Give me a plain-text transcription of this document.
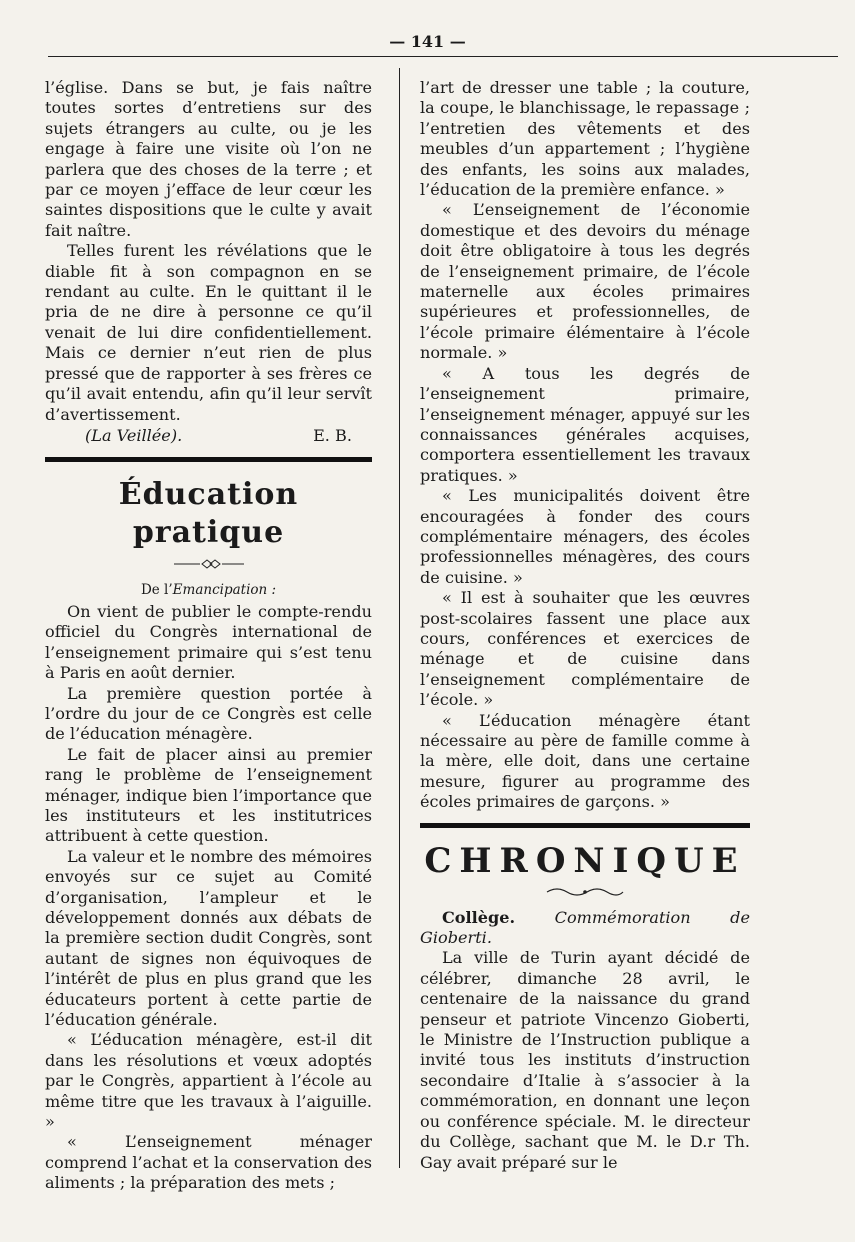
— 141 —

l’église. Dans se but, je fais naître toutes sortes d’entretiens sur des sujets étrangers au culte, ou je les engage à faire une visite où l’on ne parlera que des choses de la terre ; et par ce moyen j’efface de leur cœur les saintes dispositions que le culte y avait fait naître.

Telles furent les révélations que le diable fit à son compagnon en se rendant au culte. En le quittant il le pria de ne dire à personne ce qu’il venait de lui dire confidentiellement. Mais ce dernier n’eut rien de plus pressé que de rapporter à ses frères ce qu’il avait entendu, afin qu’il leur servît d’avertissement.

(La Veillée).	E. B.
Éducation pratique
De l’Emancipation :

On vient de publier le compte-rendu officiel du Congrès international de l’enseignement primaire qui s’est tenu à Paris en août dernier.

La première question portée à l’ordre du jour de ce Congrès est celle de l’éducation ménagère.

Le fait de placer ainsi au premier rang le problème de l’enseignement ménager, indique bien l’importance que les instituteurs et les institutrices attribuent à cette question.

La valeur et le nombre des mémoires envoyés sur ce sujet au Comité d’organisation, l’ampleur et le développement donnés aux débats de la première section dudit Congrès, sont autant de signes non équivoques de l’intérêt de plus en plus grand que les éducateurs portent à cette partie de l’éducation générale.

« L’éducation ménagère, est-il dit dans les résolutions et vœux adoptés par le Congrès, appartient à l’école au même titre que les travaux à l’aiguille. »

« L’enseignement ménager comprend l’achat et la conservation des aliments ; la préparation des mets ;

l’art de dresser une table ; la couture, la coupe, le blanchissage, le repassage ; l’entretien des vêtements et des meubles d’un appartement ; l’hygiène des enfants, les soins aux malades, l’éducation de la première enfance. »

« L’enseignement de l’économie domestique et des devoirs du ménage doit être obligatoire à tous les degrés de l’enseignement primaire, de l’école maternelle aux écoles primaires supérieures et professionnelles, de l’école primaire élémentaire à l’école normale. »

« A tous les degrés de l’enseignement primaire, l’enseignement ménager, appuyé sur les connaissances générales acquises, comportera essentiellement les travaux pratiques. »

« Les municipalités doivent être encouragées à fonder des cours complémentaire ménagers, des écoles professionnelles ménagères, des cours de cuisine. »

« Il est à souhaiter que les œuvres post-scolaires fassent une place aux cours, conférences et exercices de ménage et de cuisine dans l’enseignement complémentaire de l’école. »

« L’éducation ménagère étant nécessaire au père de famille comme à la mère, elle doit, dans une certaine mesure, figurer au programme des écoles primaires de garçons. »

CHRONIQUE

Collège. Commémoration de Gioberti.

La ville de Turin ayant décidé de célébrer, dimanche 28 avril, le centenaire de la naissance du grand penseur et patriote Vincenzo Gioberti, le Ministre de l’Instruction publique a invité tous les instituts d’instruction secondaire d’Italie à s’associer à la commémoration, en donnant une leçon ou conférence spéciale. M. le directeur du Collège, sachant que M. le D.r Th. Gay avait préparé sur le
